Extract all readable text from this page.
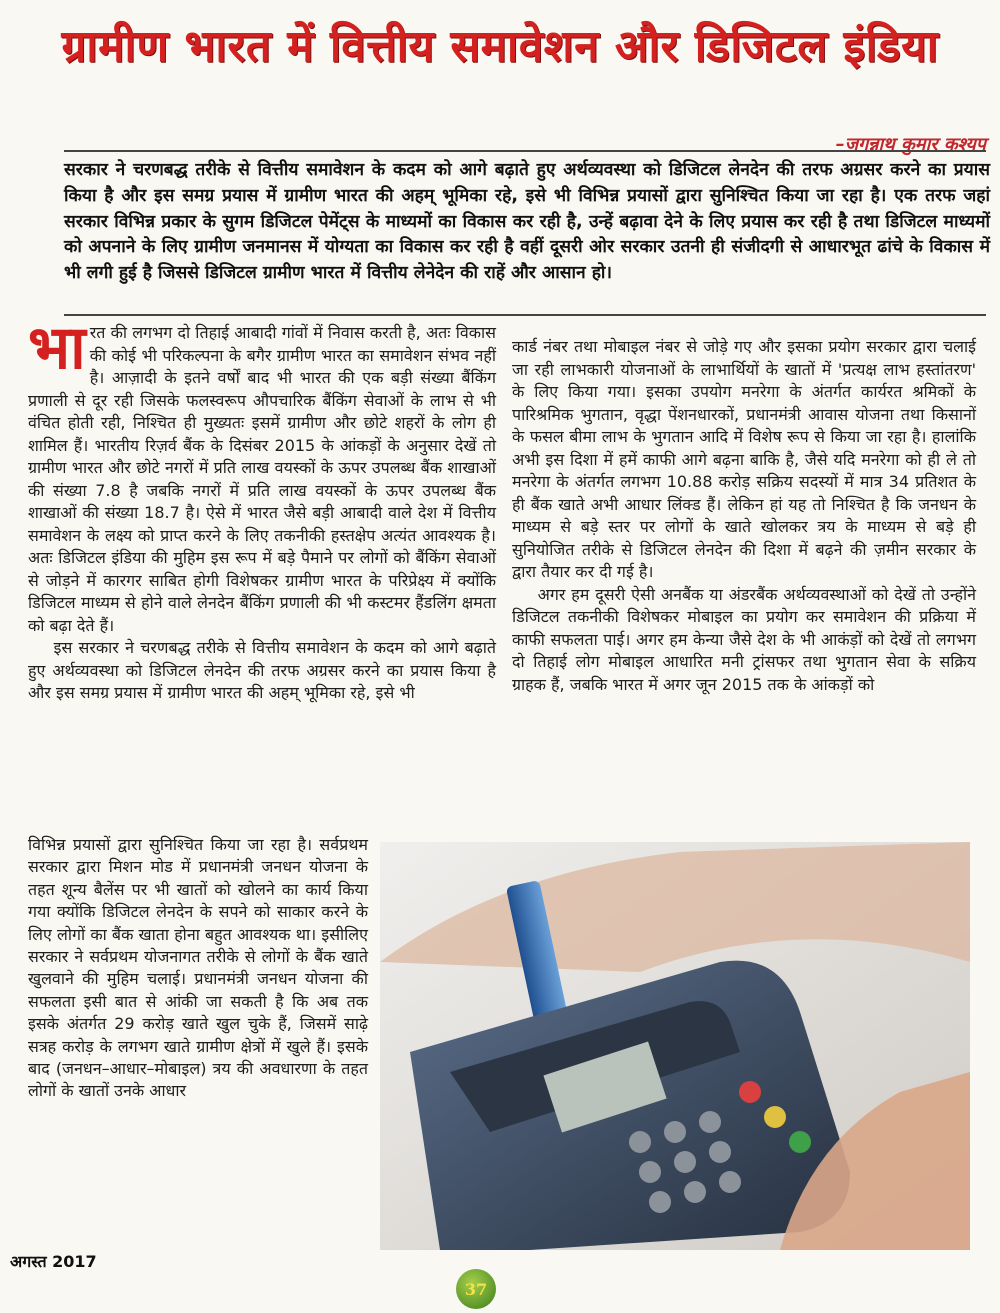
ग्रामीण भारत में वित्तीय समावेशन और डिजिटल इंडिया
–जगन्नाथ कुमार कश्यप

सरकार ने चरणबद्ध तरीके से वित्तीय समावेशन के कदम को आगे बढ़ाते हुए अर्थव्यवस्था को डिजिटल लेनदेन की तरफ अग्रसर करने का प्रयास किया है और इस समग्र प्रयास में ग्रामीण भारत की अहम् भूमिका रहे, इसे भी विभिन्न प्रयासों द्वारा सुनिश्चित किया जा रहा है। एक तरफ जहां सरकार विभिन्न प्रकार के सुगम डिजिटल पेमेंट्स के माध्यमों का विकास कर रही है, उन्हें बढ़ावा देने के लिए प्रयास कर रही है तथा डिजिटल माध्यमों को अपनाने के लिए ग्रामीण जनमानस में योग्यता का विकास कर रही है वहीं दूसरी ओर सरकार उतनी ही संजीदगी से आधारभूत ढांचे के विकास में भी लगी हुई है जिससे डिजिटल ग्रामीण भारत में वित्तीय लेनेदेन की राहें और आसान हो।

भारत की लगभग दो तिहाई आबादी गांवों में निवास करती है, अतः विकास की कोई भी परिकल्पना के बगैर ग्रामीण भारत का समावेशन संभव नहीं है। आज़ादी के इतने वर्षों बाद भी भारत की एक बड़ी संख्या बैंकिंग प्रणाली से दूर रही जिसके फलस्वरूप औपचारिक बैंकिंग सेवाओं के लाभ से भी वंचित होती रही, निश्चित ही मुख्यतः इसमें ग्रामीण और छोटे शहरों के लोग ही शामिल हैं। भारतीय रिज़र्व बैंक के दिसंबर 2015 के आंकड़ों के अनुसार देखें तो ग्रामीण भारत और छोटे नगरों में प्रति लाख वयस्कों के ऊपर उपलब्ध बैंक शाखाओं की संख्या 7.8 है जबकि नगरों में प्रति लाख वयस्कों के ऊपर उपलब्ध बैंक शाखाओं की संख्या 18.7 है। ऐसे में भारत जैसे बड़ी आबादी वाले देश में वित्तीय समावेशन के लक्ष्य को प्राप्त करने के लिए तकनीकी हस्तक्षेप अत्यंत आवश्यक है। अतः डिजिटल इंडिया की मुहिम इस रूप में बड़े पैमाने पर लोगों को बैंकिंग सेवाओं से जोड़ने में कारगर साबित होगी विशेषकर ग्रामीण भारत के परिप्रेक्ष्य में क्योंकि डिजिटल माध्यम से होने वाले लेनदेन बैंकिंग प्रणाली की भी कस्टमर हैंडलिंग क्षमता को बढ़ा देते हैं।

इस सरकार ने चरणबद्ध तरीके से वित्तीय समावेशन के कदम को आगे बढ़ाते हुए अर्थव्यवस्था को डिजिटल लेनदेन की तरफ अग्रसर करने का प्रयास किया है और इस समग्र प्रयास में ग्रामीण भारत की अहम् भूमिका रहे, इसे भी

विभिन्न प्रयासों द्वारा सुनिश्चित किया जा रहा है। सर्वप्रथम सरकार द्वारा मिशन मोड में प्रधानमंत्री जनधन योजना के तहत शून्य बैलेंस पर भी खातों को खोलने का कार्य किया गया क्योंकि डिजिटल लेनदेन के सपने को साकार करने के लिए लोगों का बैंक खाता होना बहुत आवश्यक था। इसीलिए सरकार ने सर्वप्रथम योजनागत तरीके से लोगों के बैंक खाते खुलवाने की मुहिम चलाई। प्रधानमंत्री जनधन योजना की सफलता इसी बात से आंकी जा सकती है कि अब तक इसके अंतर्गत 29 करोड़ खाते खुल चुके हैं, जिसमें साढ़े सत्रह करोड़ के लगभग खाते ग्रामीण क्षेत्रों में खुले हैं। इसके बाद (जनधन–आधार–मोबाइल) त्रय की अवधारणा के तहत लोगों के खातों उनके आधार

कार्ड नंबर तथा मोबाइल नंबर से जोड़े गए और इसका प्रयोग सरकार द्वारा चलाई जा रही लाभकारी योजनाओं के लाभार्थियों के खातों में 'प्रत्यक्ष लाभ हस्तांतरण' के लिए किया गया। इसका उपयोग मनरेगा के अंतर्गत कार्यरत श्रमिकों के पारिश्रमिक भुगतान, वृद्धा पेंशनधारकों, प्रधानमंत्री आवास योजना तथा किसानों के फसल बीमा लाभ के भुगतान आदि में विशेष रूप से किया जा रहा है। हालांकि अभी इस दिशा में हमें काफी आगे बढ़ना बाकि है, जैसे यदि मनरेगा को ही ले तो मनरेगा के अंतर्गत लगभग 10.88 करोड़ सक्रिय सदस्यों में मात्र 34 प्रतिशत के ही बैंक खाते अभी आधार लिंक्ड हैं। लेकिन हां यह तो निश्चित है कि जनधन के माध्यम से बड़े स्तर पर लोगों के खाते खोलकर त्रय के माध्यम से बड़े ही सुनियोजित तरीके से डिजिटल लेनदेन की दिशा में बढ़ने की ज़मीन सरकार के द्वारा तैयार कर दी गई है।

अगर हम दूसरी ऐसी अनबैंक या अंडरबैंक अर्थव्यवस्थाओं को देखें तो उन्होंने डिजिटल तकनीकी विशेषकर मोबाइल का प्रयोग कर समावेशन की प्रक्रिया में काफी सफलता पाई। अगर हम केन्या जैसे देश के भी आकंड़ों को देखें तो लगभग दो तिहाई लोग मोबाइल आधारित मनी ट्रांसफर तथा भुगतान सेवा के सक्रिय ग्राहक हैं, जबकि भारत में अगर जून 2015 तक के आंकड़ों को

अगस्त 2017
37
